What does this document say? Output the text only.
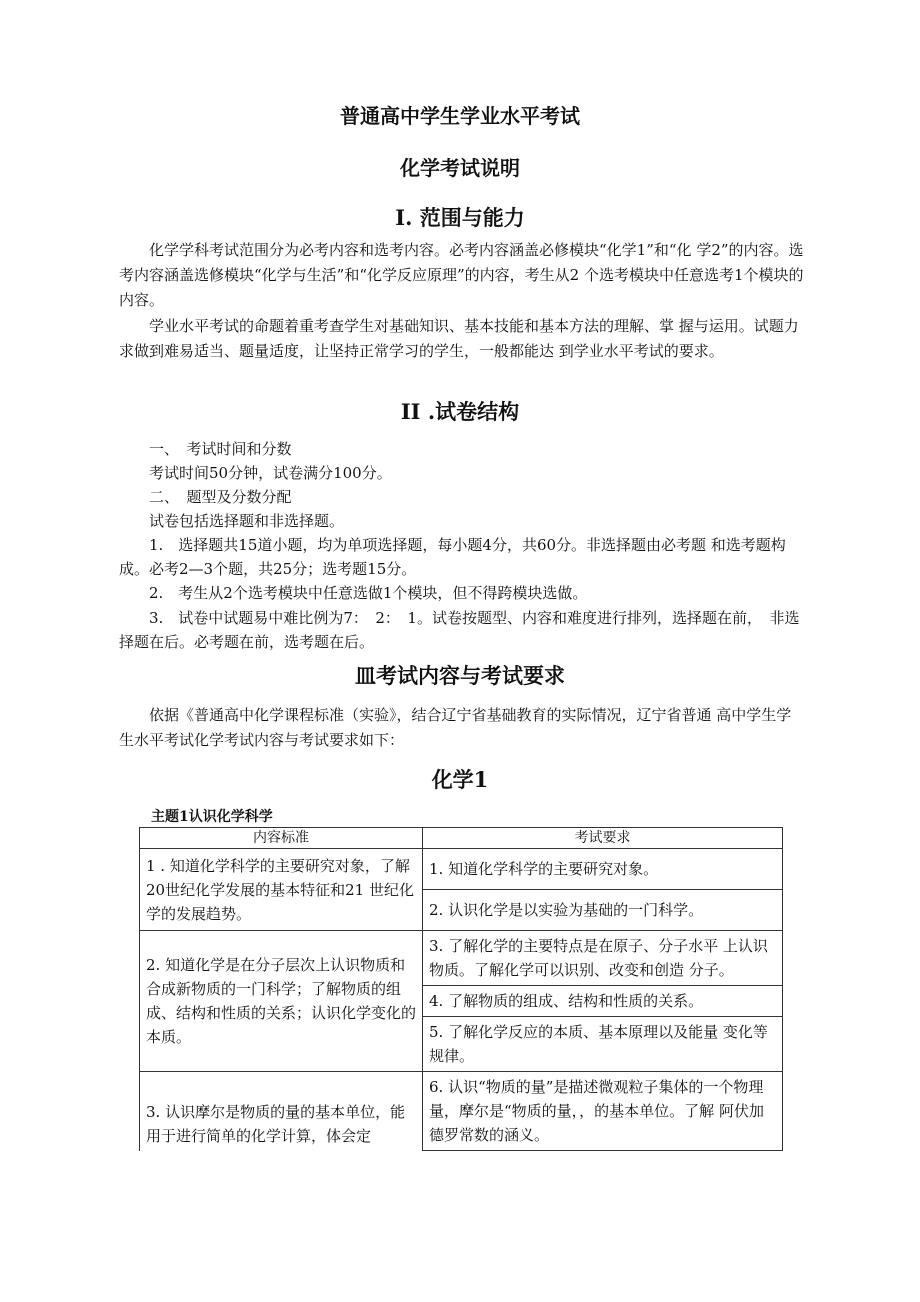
普通高中学生学业水平考试
化学考试说明
I. 范围与能力

化学学科考试范围分为必考内容和选考内容。必考内容涵盖必修模块“化学1”和“化 学2”的内容。选考内容涵盖选修模块“化学与生活”和“化学反应原理”的内容，考生从2 个选考模块中任意选考1个模块的内容。

学业水平考试的命题着重考查学生对基础知识、基本技能和基本方法的理解、掌 握与运用。试题力求做到难易适当、题量适度，让坚持正常学习的学生，一般都能达 到学业水平考试的要求。

II .试卷结构
一、　考试时间和分数
考试时间50分钟，试卷满分100分。
二、　题型及分数分配
试卷包括选择题和非选择题。

1.　选择题共15道小题，均为单项选择题，每小题4分，共60分。非选择题由必考题 和选考题构成。必考2—3个题，共25分；选考题15分。

2.　考生从2个选考模块中任意选做1个模块，但不得跨模块选做。

3.　试卷中试题易中难比例为7：　2：　1。试卷按题型、内容和难度进行排列，选择题在前，　非选择题在后。必考题在前，选考题在后。

皿考试内容与考试要求

依据《普通高中化学课程标准（实验》，结合辽宁省基础教育的实际情况，辽宁省普通 高中学生学生水平考试化学考试内容与考试要求如下：

化学1
主题1认识化学科学
内容标准	考试要求
1 . 知道化学科学的主要研究对象，了解20世纪化学发展的基本特征和21 世纪化学的发展趋势。	1. 知道化学科学的主要研究对象。
	2. 认识化学是以实验为基础的一门科学。
2. 知道化学是在分子层次上认识物质和合成新物质的一门科学；了解物质的组成、结构和性质的关系；认识化学变化的本质。	3. 了解化学的主要特点是在原子、分子水平 上认识物质。了解化学可以识别、改变和创造 分子。
	4. 了解物质的组成、结构和性质的关系。
	5. 了解化学反应的本质、基本原理以及能量 变化等规律。
3. 认识摩尔是物质的量的基本单位，能用于进行简单的化学计算，体会定	6. 认识“物质的量”是描述微观粒子集体的一个物理量，摩尔是“物质的量，，的基本单位。了解 阿伏加德罗常数的涵义。
